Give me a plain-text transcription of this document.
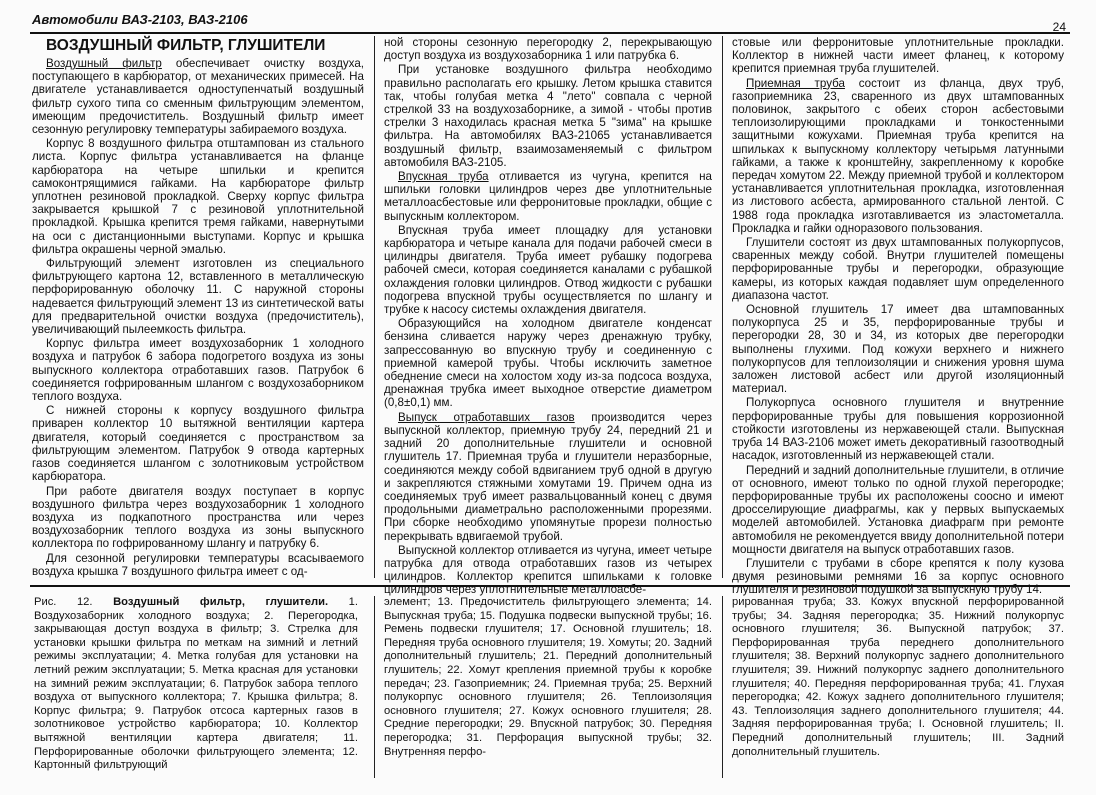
Автомобили ВАЗ-2103, ВАЗ-2106	24

ВОЗДУШНЫЙ ФИЛЬТР, ГЛУШИТЕЛИ

Воздушный фильтр обеспечивает очистку воздуха, поступающего в карбюратор, от механических примесей. На двигателе устанавливается одноступенчатый воздушный фильтр сухого типа со сменным фильтрующим элементом, имеющим предочиститель. Воздушный фильтр имеет сезонную регулировку температуры забираемого воздуха.

Корпус 8 воздушного фильтра отштампован из стального листа. Корпус фильтра устанавливается на фланце карбюратора на четыре шпильки и крепится самоконтрящимися гайками. На карбюраторе фильтр уплотнен резиновой прокладкой. Сверху корпус фильтра закрывается крышкой 7 с резиновой уплотнительной прокладкой. Крышка крепится тремя гайками, навернутыми на оси с дистанционными выступами. Корпус и крышка фильтра окрашены черной эмалью.

Фильтрующий элемент изготовлен из специального фильтрующего картона 12, вставленного в металлическую перфорированную оболочку 11. С наружной стороны надевается фильтрующий элемент 13 из синтетической ваты для предварительной очистки воздуха (предочиститель), увеличивающий пылеемкость фильтра.

Корпус фильтра имеет воздухозаборник 1 холодного воздуха и патрубок 6 забора подогретого воздуха из зоны выпускного коллектора отработавших газов. Патрубок 6 соединяется гофрированным шлангом с воздухозаборником теплого воздуха.

С нижней стороны к корпусу воздушного фильтра приварен коллектор 10 вытяжной вентиляции картера двигателя, который соединяется с пространством за фильтрующим элементом. Патрубок 9 отвода картерных газов соединяется шлангом с золотниковым устройством карбюратора.

При работе двигателя воздух поступает в корпус воздушного фильтра через воздухозаборник 1 холодного воздуха из подкапотного пространства или через воздухозаборник теплого воздуха из зоны выпускного коллектора по гофрированному шлангу и патрубку 6.

Для сезонной регулировки температуры всасываемого воздуха крышка 7 воздушного фильтра имеет с од-

ной стороны сезонную перегородку 2, перекрывающую доступ воздуха из воздухозаборника 1 или патрубка 6.

При установке воздушного фильтра необходимо правильно располагать его крышку. Летом крышка ставится так, чтобы голубая метка 4 "лето" совпала с черной стрелкой 33 на воздухозаборнике, а зимой - чтобы против стрелки 3 находилась красная метка 5 "зима" на крышке фильтра. На автомобилях ВАЗ-21065 устанавливается воздушный фильтр, взаимозаменяемый с фильтром автомобиля ВАЗ-2105.

Впускная труба отливается из чугуна, крепится на шпильки головки цилиндров через две уплотнительные металлоасбестовые или ферронитовые прокладки, общие с выпускным коллектором.

Впускная труба имеет площадку для установки карбюратора и четыре канала для подачи рабочей смеси в цилиндры двигателя. Труба имеет рубашку подогрева рабочей смеси, которая соединяется каналами с рубашкой охлаждения головки цилиндров. Отвод жидкости с рубашки подогрева впускной трубы осуществляется по шлангу и трубке к насосу системы охлаждения двигателя.

Образующийся на холодном двигателе конденсат бензина сливается наружу через дренажную трубку, запрессованную во впускную трубу и соединенную с приемной камерой трубы. Чтобы исключить заметное обеднение смеси на холостом ходу из-за подсоса воздуха, дренажная трубка имеет выходное отверстие диаметром (0,8±0,1) мм.

Выпуск отработавших газов производится через выпускной коллектор, приемную трубу 24, передний 21 и задний 20 дополнительные глушители и основной глушитель 17. Приемная труба и глушители неразборные, соединяются между собой вдвиганием труб одной в другую и закрепляются стяжными хомутами 19. Причем одна из соединяемых труб имеет развальцованный конец с двумя продольными диаметрально расположенными прорезями. При сборке необходимо упомянутые прорези полностью перекрывать вдвигаемой трубой.

Выпускной коллектор отливается из чугуна, имеет четыре патрубка для отвода отработавших газов из четырех цилиндров. Коллектор крепится шпильками к головке цилиндров через уплотнительные металлоасбе-

стовые или ферронитовые уплотнительные прокладки. Коллектор в нижней части имеет фланец, к которому крепится приемная труба глушителей.

Приемная труба состоит из фланца, двух труб, газоприемника 23, сваренного из двух штампованных половинок, закрытого с обеих сторон асбестовыми теплоизолирующими прокладками и тонкостенными защитными кожухами. Приемная труба крепится на шпильках к выпускному коллектору четырьмя латунными гайками, а также к кронштейну, закрепленному к коробке передач хомутом 22. Между приемной трубой и коллектором устанавливается уплотнительная прокладка, изготовленная из листового асбеста, армированного стальной лентой. С 1988 года прокладка изготавливается из эластометалла. Прокладка и гайки одноразового пользования.

Глушители состоят из двух штампованных полукорпусов, сваренных между собой. Внутри глушителей помещены перфорированные трубы и перегородки, образующие камеры, из которых каждая подавляет шум определенного диапазона частот.

Основной глушитель 17 имеет два штампованных полукорпуса 25 и 35, перфорированные трубы и перегородки 28, 30 и 34, из которых две перегородки выполнены глухими. Под кожухи верхнего и нижнего полукорпусов для теплоизоляции и снижения уровня шума заложен листовой асбест или другой изоляционный материал.

Полукорпуса основного глушителя и внутренние перфорированные трубы для повышения коррозионной стойкости изготовлены из нержавеющей стали. Выпускная труба 14 ВАЗ-2106 может иметь декоративный газоотводный насадок, изготовленный из нержавеющей стали.

Передний и задний дополнительные глушители, в отличие от основного, имеют только по одной глухой перегородке; перфорированные трубы их расположены соосно и имеют дросселирующие диафрагмы, как у первых выпускаемых моделей автомобилей. Установка диафрагм при ремонте автомобиля не рекомендуется ввиду дополнительной потери мощности двигателя на выпуск отработавших газов.

Глушители с трубами в сборе крепятся к полу кузова двумя резиновыми ремнями 16 за корпус основного глушителя и резиновой подушкой за выпускную трубу 14.

Рис. 12. Воздушный фильтр, глушители. 1. Воздухозаборник холодного воздуха; 2. Перегородка, закрывающая доступ воздуха в фильтр; 3. Стрелка для установки крышки фильтра по меткам на зимний и летний режимы эксплуатации; 4. Метка голубая для установки на летний режим эксплуатации; 5. Метка красная для установки на зимний режим эксплуатации; 6. Патрубок забора теплого воздуха от выпускного коллектора; 7. Крышка фильтра; 8. Корпус фильтра; 9. Патрубок отсоса картерных газов в золотниковое устройство карбюратора; 10. Коллектор вытяжной вентиляции картера двигателя; 11. Перфорированные оболочки фильтрующего элемента; 12. Картонный фильтрующий
элемент; 13. Предочиститель фильтрующего элемента; 14. Выпускная труба; 15. Подушка подвески выпускной трубы; 16. Ремень подвески глушителя; 17. Основной глушитель; 18. Передняя труба основного глушителя; 19. Хомуты; 20. Задний дополнительный глушитель; 21. Передний дополнительный глушитель; 22. Хомут крепления приемной трубы к коробке передач; 23. Газоприемник; 24. Приемная труба; 25. Верхний полукорпус основного глушителя; 26. Теплоизоляция основного глушителя; 27. Кожух основного глушителя; 28. Средние перегородки; 29. Впускной патрубок; 30. Передняя перегородка; 31. Перфорация выпускной трубы; 32. Внутренняя перфо-
рированная труба; 33. Кожух впускной перфорированной трубы; 34. Задняя перегородка; 35. Нижний полукорпус основного глушителя; 36. Выпускной патрубок; 37. Перфорированная труба переднего дополнительного глушителя; 38. Верхний полукорпус заднего дополнительного глушителя; 39. Нижний полукорпус заднего дополнительного глушителя; 40. Передняя перфорированная труба; 41. Глухая перегородка; 42. Кожух заднего дополнительного глушителя; 43. Теплоизоляция заднего дополнительного глушителя; 44. Задняя перфорированная труба; I. Основной глушитель; II. Передний дополнительный глушитель; III. Задний дополнительный глушитель.
